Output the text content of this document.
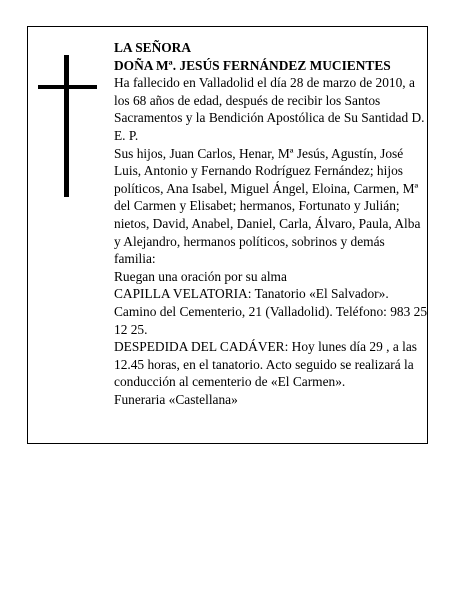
LA SEÑORA

DOÑA Mª. JESÚS FERNÁNDEZ MUCIENTES

Ha fallecido en Valladolid el día 28 de marzo de 2010, a los 68 años de edad, después de recibir los Santos Sacramentos y la Bendición Apostólica de Su Santidad D. E. P.

Sus hijos, Juan Carlos, Henar, Mª Jesús, Agustín, José Luis, Antonio y Fernando Rodríguez Fernández; hijos políticos, Ana Isabel, Miguel Ángel, Eloina, Carmen, Mª del Carmen y Elisabet; hermanos, Fortunato y Julián; nietos, David, Anabel, Daniel, Carla, Álvaro, Paula, Alba y Alejandro, hermanos políticos, sobrinos y demás familia:

Ruegan una oración por su alma

CAPILLA VELATORIA: Tanatorio «El Salvador». Camino del Cementerio, 21 (Valladolid). Teléfono: 983 25 12 25.

DESPEDIDA DEL CADÁVER: Hoy lunes día 29 , a las 12.45 horas, en el tanatorio. Acto seguido se realizará la conducción al cementerio de «El Carmen».

Funeraria «Castellana»
